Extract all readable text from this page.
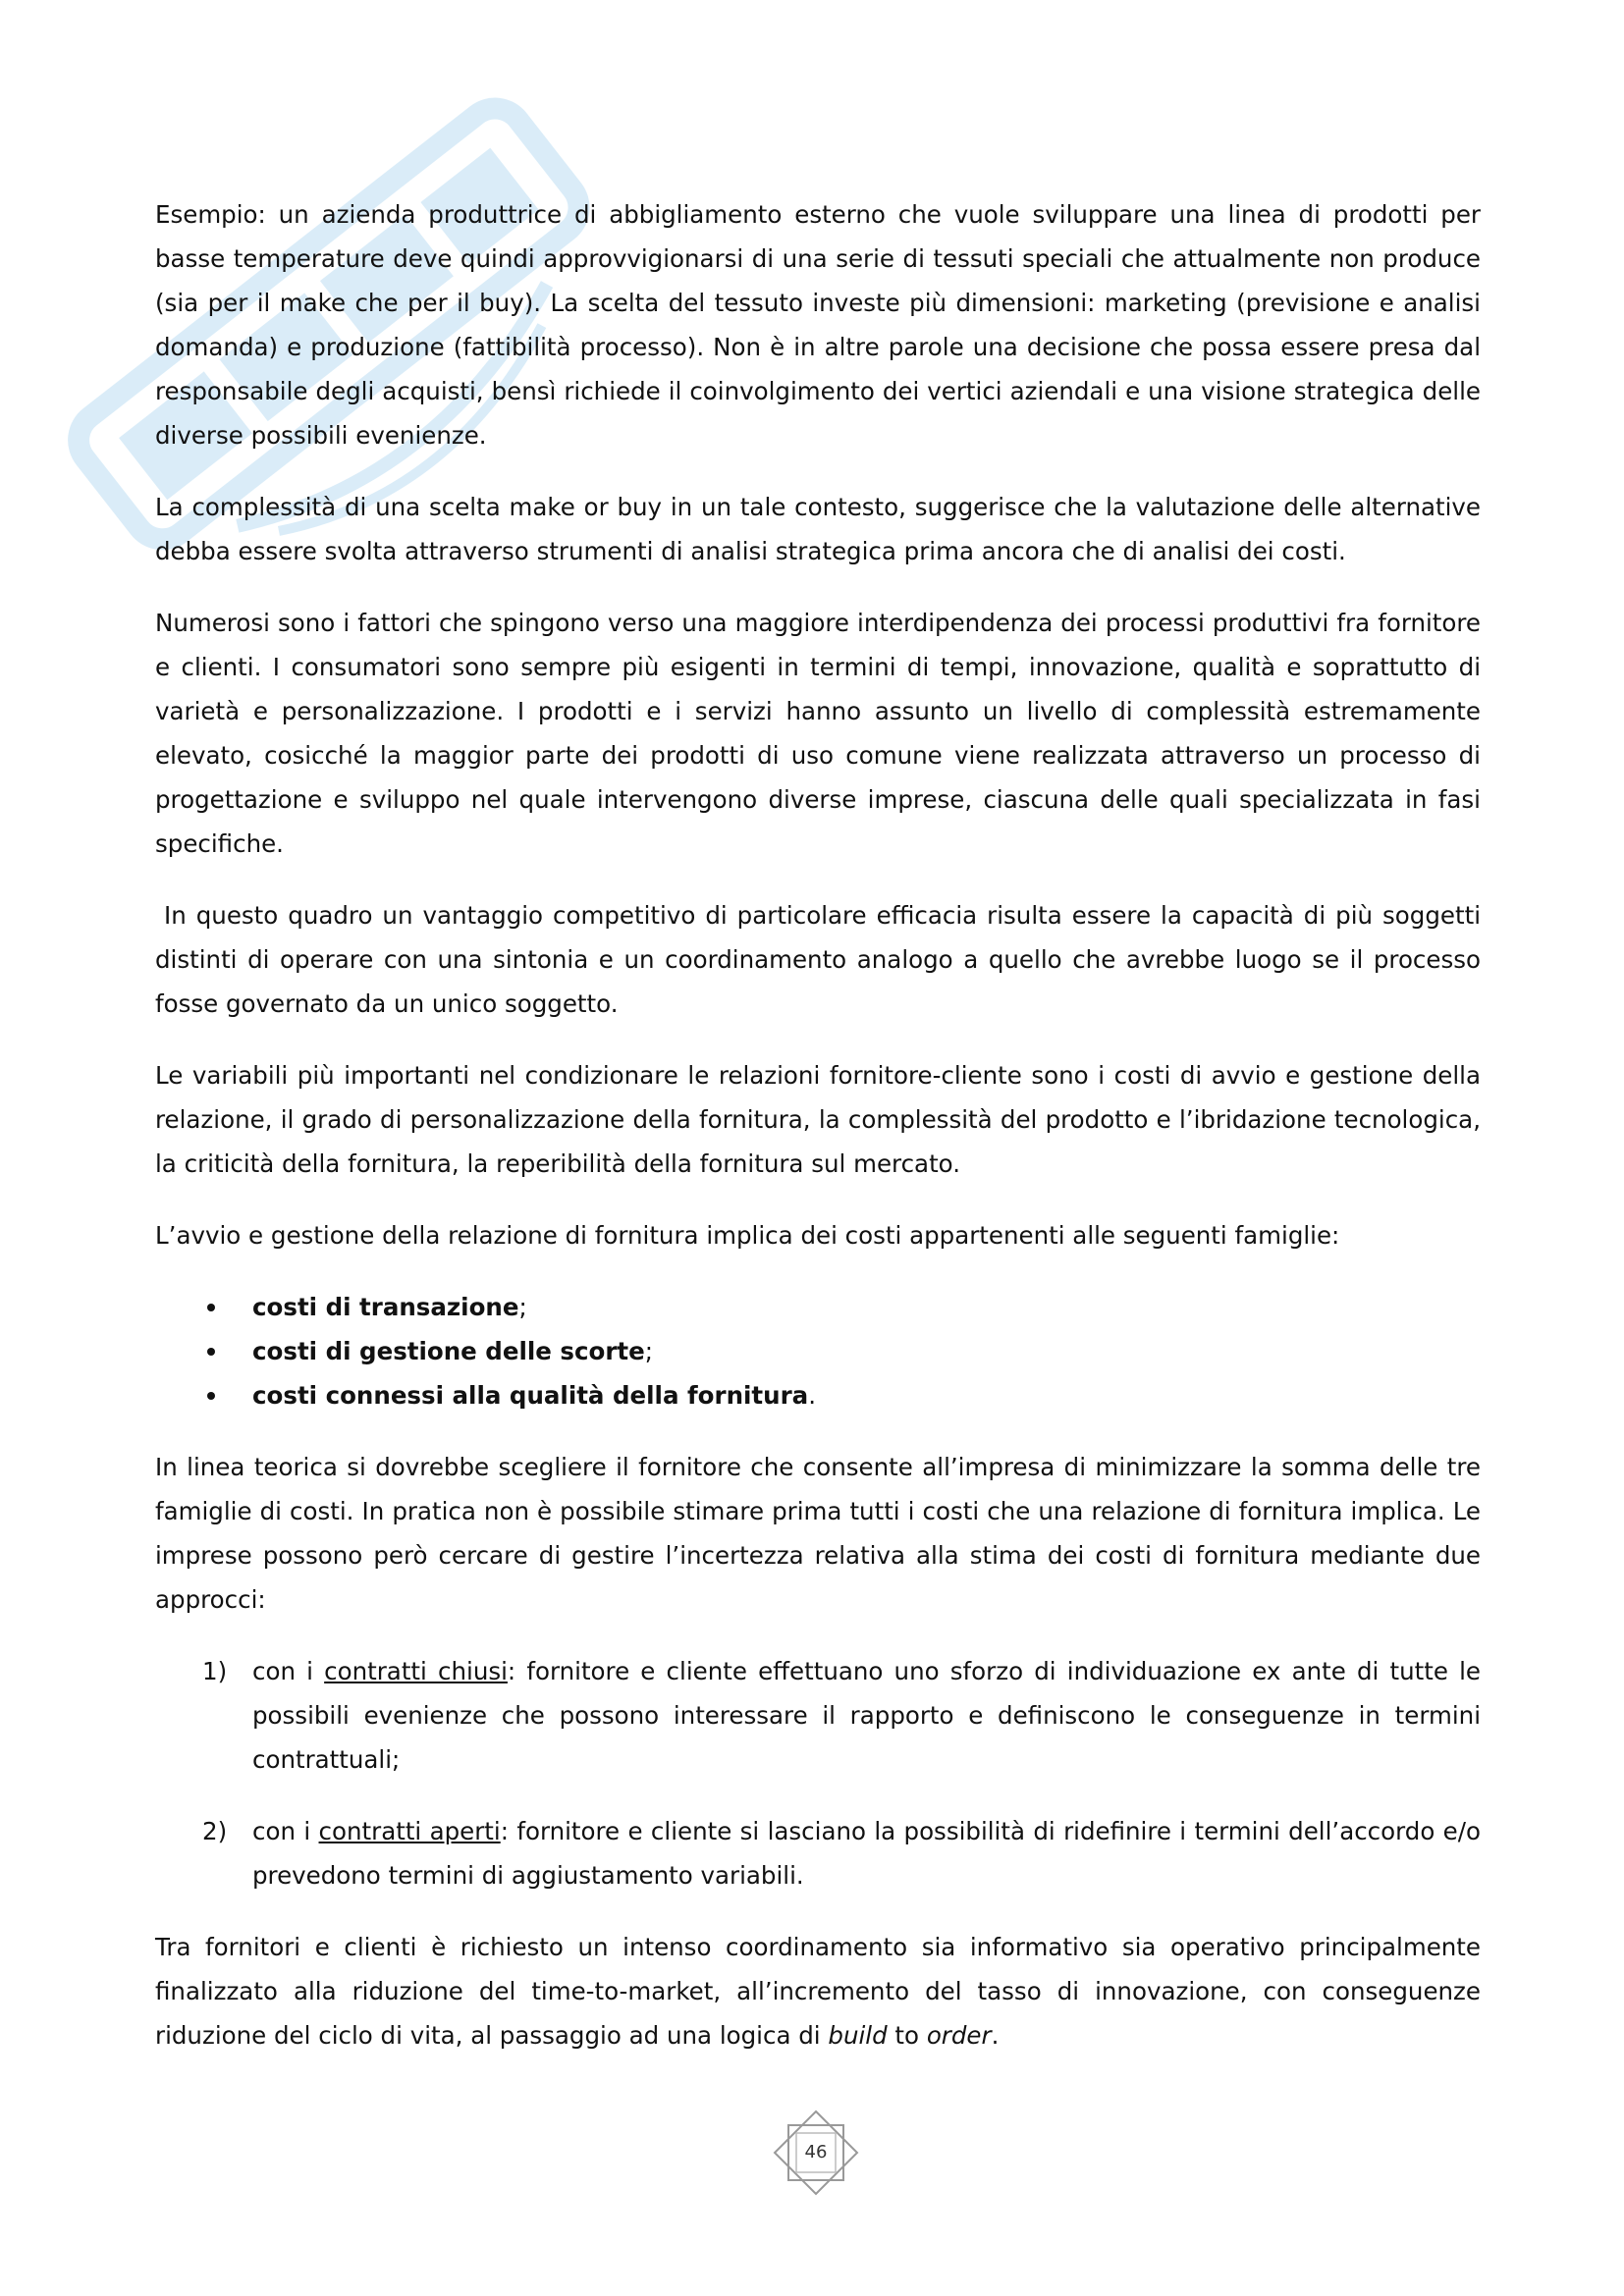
Esempio: un azienda produttrice di abbigliamento esterno che vuole sviluppare una linea di prodotti per basse temperature deve quindi approvvigionarsi di una serie di tessuti speciali che attualmente non produce (sia per il make che per il buy). La scelta del tessuto investe più dimensioni: marketing (previsione e analisi domanda) e produzione (fattibilità processo). Non è in altre parole una decisione che possa essere presa dal responsabile degli acquisti, bensì richiede il coinvolgimento dei vertici aziendali e una visione strategica delle diverse possibili evenienze.

La complessità di una scelta make or buy in un tale contesto, suggerisce che la valutazione delle alternative debba essere svolta attraverso strumenti di analisi strategica prima ancora che di analisi dei costi.

Numerosi sono i fattori che spingono verso una maggiore interdipendenza dei processi produttivi fra fornitore e clienti. I consumatori sono sempre più esigenti in termini di tempi, innovazione, qualità e soprattutto di varietà e personalizzazione. I prodotti e i servizi hanno assunto un livello di complessità estremamente elevato, cosicché la maggior parte dei prodotti di uso comune viene realizzata attraverso un processo di progettazione e sviluppo nel quale intervengono diverse imprese, ciascuna delle quali specializzata in fasi specifiche.

In questo quadro un vantaggio competitivo di particolare efficacia risulta essere la capacità di più soggetti distinti di operare con una sintonia e un coordinamento analogo a quello che avrebbe luogo se il processo fosse governato da un unico soggetto.

Le variabili più importanti nel condizionare le relazioni fornitore-cliente sono i costi di avvio e gestione della relazione, il grado di personalizzazione della fornitura, la complessità del prodotto e l’ibridazione tecnologica, la criticità della fornitura, la reperibilità della fornitura sul mercato.

L’avvio e gestione della relazione di fornitura implica dei costi appartenenti alle seguenti famiglie:

costi di transazione;
costi di gestione delle scorte;
costi connessi alla qualità della fornitura.

In linea teorica si dovrebbe scegliere il fornitore che consente all’impresa di minimizzare la somma delle tre famiglie di costi. In pratica non è possibile stimare prima tutti i costi che una relazione di fornitura implica. Le imprese possono però cercare di gestire l’incertezza relativa alla stima dei costi di fornitura mediante due approcci:

1) con i contratti chiusi: fornitore e cliente effettuano uno sforzo di individuazione ex ante di tutte le possibili evenienze che possono interessare il rapporto e definiscono le conseguenze in termini contrattuali;
2) con i contratti aperti: fornitore e cliente si lasciano la possibilità di ridefinire i termini dell’accordo e/o prevedono termini di aggiustamento variabili.

Tra fornitori e clienti è richiesto un intenso coordinamento sia informativo sia operativo principalmente finalizzato alla riduzione del time-to-market, all’incremento del tasso di innovazione, con conseguenze riduzione del ciclo di vita, al passaggio ad una logica di build to order.

46
